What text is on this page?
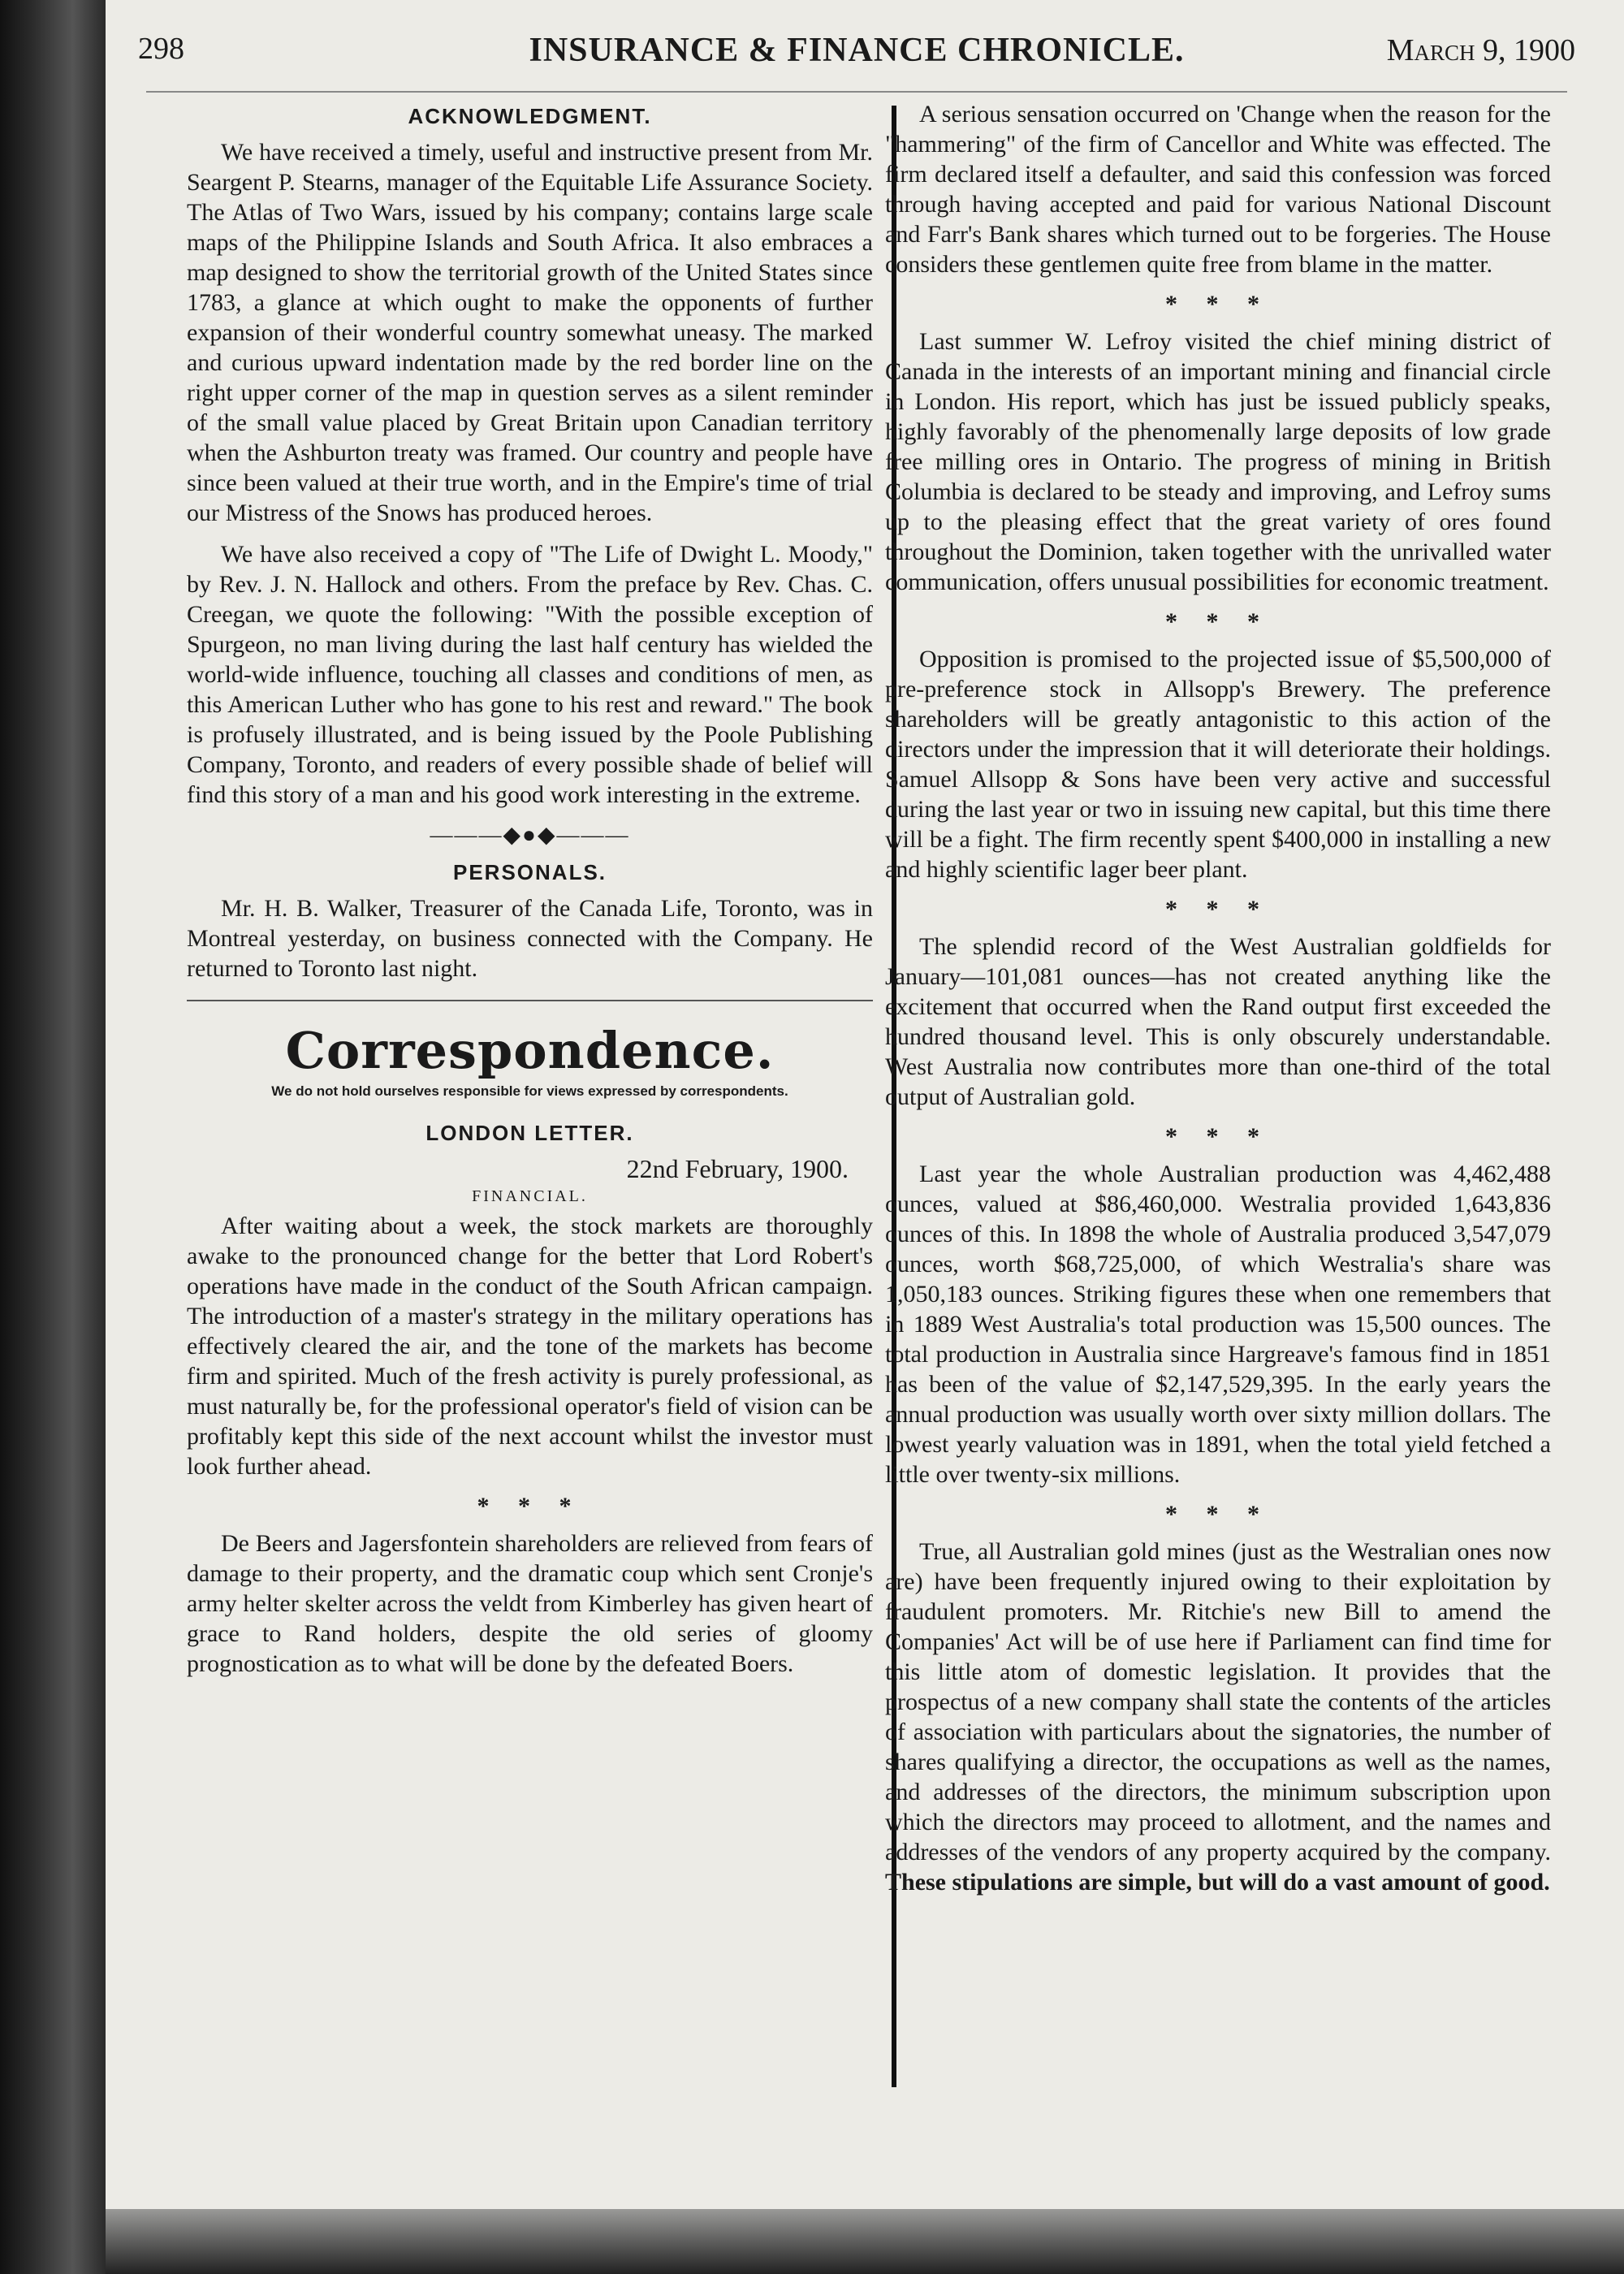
298	INSURANCE & FINANCE CHRONICLE.	March 9, 1900
ACKNOWLEDGMENT.

We have received a timely, useful and instructive present from Mr. Seargent P. Stearns, manager of the Equitable Life Assurance Society. The Atlas of Two Wars, issued by his company; contains large scale maps of the Philippine Islands and South Africa. It also embraces a map designed to show the territorial growth of the United States since 1783, a glance at which ought to make the opponents of further expansion of their wonderful country somewhat uneasy. The marked and curious upward indentation made by the red border line on the right upper corner of the map in question serves as a silent reminder of the small value placed by Great Britain upon Canadian territory when the Ashburton treaty was framed. Our country and people have since been valued at their true worth, and in the Empire's time of trial our Mistress of the Snows has produced heroes.

We have also received a copy of "The Life of Dwight L. Moody," by Rev. J. N. Hallock and others. From the preface by Rev. Chas. C. Creegan, we quote the following: "With the possible exception of Spurgeon, no man living during the last half century has wielded the world-wide influence, touching all classes and conditions of men, as this American Luther who has gone to his rest and reward." The book is profusely illustrated, and is being issued by the Poole Publishing Company, Toronto, and readers of every possible shade of belief will find this story of a man and his good work interesting in the extreme.

———◆●◆———
PERSONALS.

Mr. H. B. Walker, Treasurer of the Canada Life, Toronto, was in Montreal yesterday, on business connected with the Company. He returned to Toronto last night.

Correspondence.
We do not hold ourselves responsible for views expressed by correspondents.
LONDON LETTER.
22nd February, 1900.
FINANCIAL.

After waiting about a week, the stock markets are thoroughly awake to the pronounced change for the better that Lord Robert's operations have made in the conduct of the South African campaign. The introduction of a master's strategy in the military operations has effectively cleared the air, and the tone of the markets has become firm and spirited. Much of the fresh activity is purely professional, as must naturally be, for the professional operator's field of vision can be profitably kept this side of the next account whilst the investor must look further ahead.

* * *

De Beers and Jagersfontein shareholders are relieved from fears of damage to their property, and the dramatic coup which sent Cronje's army helter skelter across the veldt from Kimberley has given heart of grace to Rand holders, despite the old series of gloomy prognostication as to what will be done by the defeated Boers.

A serious sensation occurred on 'Change when the reason for the "hammering" of the firm of Cancellor and White was effected. The firm declared itself a defaulter, and said this confession was forced through having accepted and paid for various National Discount and Farr's Bank shares which turned out to be forgeries. The House considers these gentlemen quite free from blame in the matter.

* * *

Last summer W. Lefroy visited the chief mining district of Canada in the interests of an important mining and financial circle in London. His report, which has just be issued publicly speaks, highly favorably of the phenomenally large deposits of low grade free milling ores in Ontario. The progress of mining in British Columbia is declared to be steady and improving, and Lefroy sums up to the pleasing effect that the great variety of ores found throughout the Dominion, taken together with the unrivalled water communication, offers unusual possibilities for economic treatment.

* * *

Opposition is promised to the projected issue of $5,500,000 of pre-preference stock in Allsopp's Brewery. The preference shareholders will be greatly antagonistic to this action of the directors under the impression that it will deteriorate their holdings. Samuel Allsopp & Sons have been very active and successful during the last year or two in issuing new capital, but this time there will be a fight. The firm recently spent $400,000 in installing a new and highly scientific lager beer plant.

* * *

The splendid record of the West Australian goldfields for January—101,081 ounces—has not created anything like the excitement that occurred when the Rand output first exceeded the hundred thousand level. This is only obscurely understandable. West Australia now contributes more than one-third of the total output of Australian gold.

* * *

Last year the whole Australian production was 4,462,488 ounces, valued at $86,460,000. Westralia provided 1,643,836 ounces of this. In 1898 the whole of Australia produced 3,547,079 ounces, worth $68,725,000, of which Westralia's share was 1,050,183 ounces. Striking figures these when one remembers that in 1889 West Australia's total production was 15,500 ounces. The total production in Australia since Hargreave's famous find in 1851 has been of the value of $2,147,529,395. In the early years the annual production was usually worth over sixty million dollars. The lowest yearly valuation was in 1891, when the total yield fetched a little over twenty-six millions.

* * *

True, all Australian gold mines (just as the Westralian ones now are) have been frequently injured owing to their exploitation by fraudulent promoters. Mr. Ritchie's new Bill to amend the Companies' Act will be of use here if Parliament can find time for this little atom of domestic legislation. It provides that the prospectus of a new company shall state the contents of the articles of association with particulars about the signatories, the number of shares qualifying a director, the occupations as well as the names, and addresses of the directors, the minimum subscription upon which the directors may proceed to allotment, and the names and addresses of the vendors of any property acquired by the company. These stipulations are simple, but will do a vast amount of good.
